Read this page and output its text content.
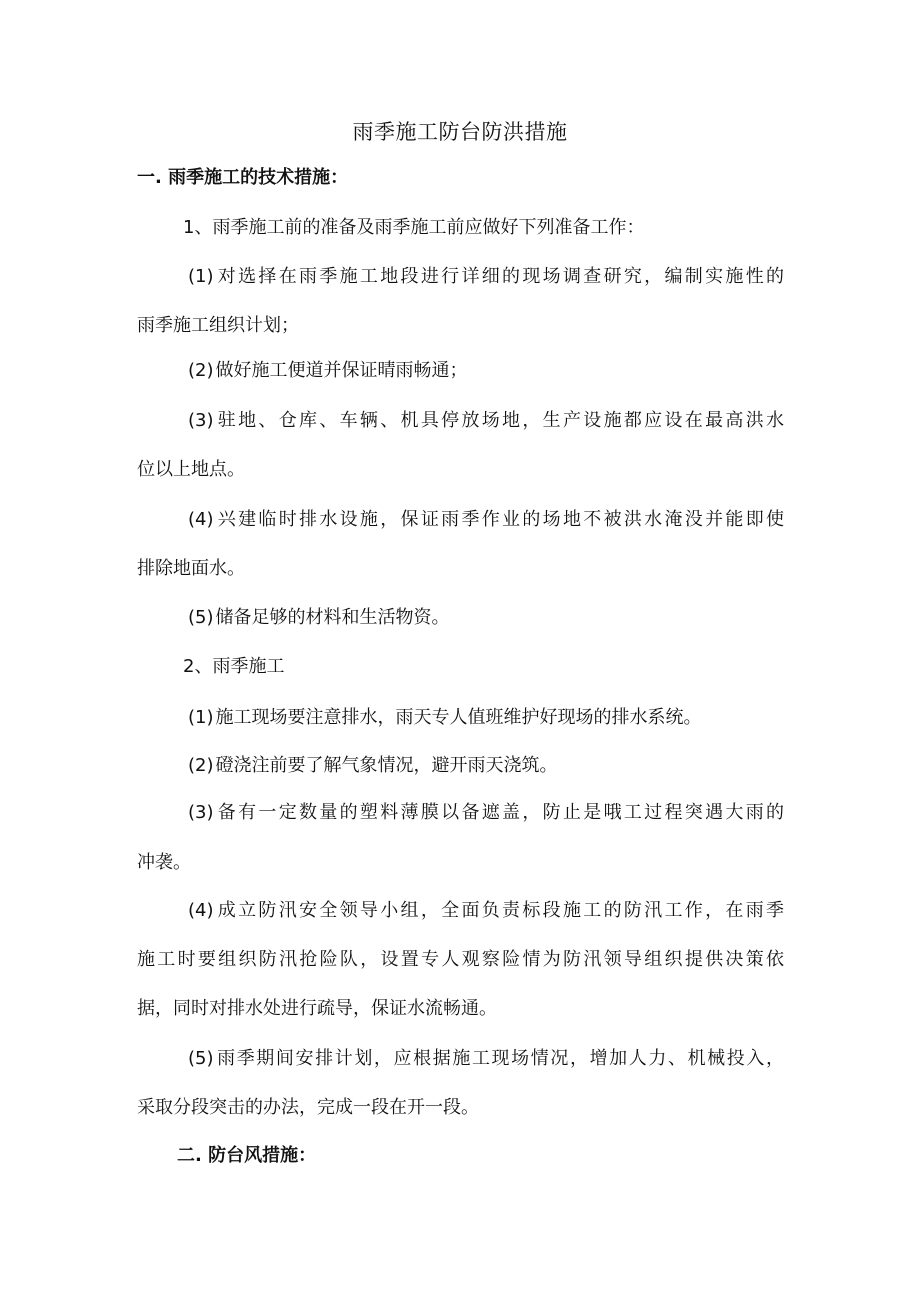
雨季施工防台防洪措施
一. 雨季施工的技术措施：
1、雨季施工前的准备及雨季施工前应做好下列准备工作：
(1) 对选择在雨季施工地段进行详细的现场调查研究，编制实施性的
雨季施工组织计划；
(2) 做好施工便道并保证晴雨畅通；
(3) 驻地、仓库、车辆、机具停放场地，生产设施都应设在最高洪水
位以上地点。
(4) 兴建临时排水设施，保证雨季作业的场地不被洪水淹没并能即使
排除地面水。
(5) 储备足够的材料和生活物资。
2、雨季施工
(1) 施工现场要注意排水，雨天专人值班维护好现场的排水系统。
(2) 磴浇注前要了解气象情况，避开雨天浇筑。
(3) 备有一定数量的塑料薄膜以备遮盖，防止是哦工过程突遇大雨的
冲袭。
(4) 成立防汛安全领导小组，全面负责标段施工的防汛工作，在雨季
施工时要组织防汛抢险队，设置专人观察险情为防汛领导组织提供决策依
据，同时对排水处进行疏导，保证水流畅通。
(5) 雨季期间安排计划，应根据施工现场情况，增加人力、机械投入，
采取分段突击的办法，完成一段在开一段。
二. 防台风措施：
